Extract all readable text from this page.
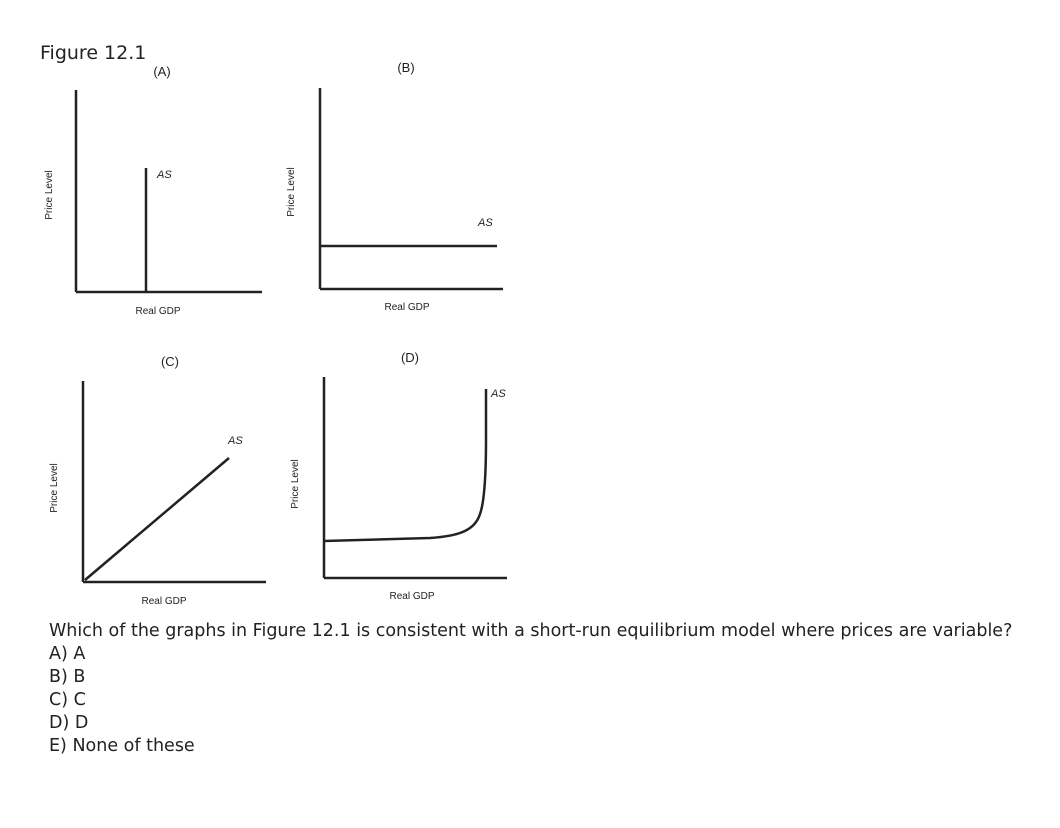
Figure 12.1
(A)
AS
Real GDP
Price Level
(B)
AS
Real GDP
Price Level
(C)
AS
Real GDP
Price Level
(D)
AS
Real GDP
Price Level

Which of the graphs in Figure 12.1 is consistent with a short-run equilibrium model where prices are variable?

A) A

B) B

C) C

D) D

E) None of these
